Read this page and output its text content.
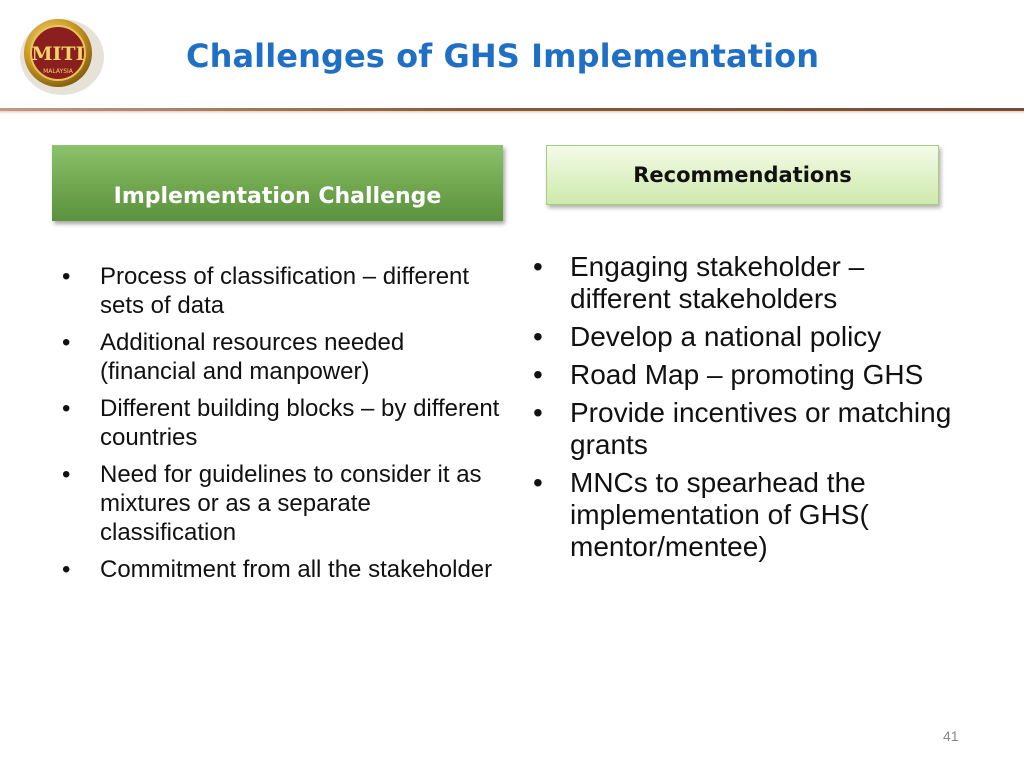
MITI
MALAYSIA	Challenges of GHS Implementation
Implementation Challenge
Recommendations
• Process of classification – different sets of data
• Additional resources needed (financial and manpower)
• Different building blocks – by different countries
• Need for guidelines to consider it as mixtures or as a separate classification
• Commitment from all the stakeholder
• Engaging stakeholder – different stakeholders
• Develop a national policy
• Road Map – promoting GHS
• Provide incentives or matching grants
• MNCs to spearhead the implementation of GHS( mentor/mentee)
41
